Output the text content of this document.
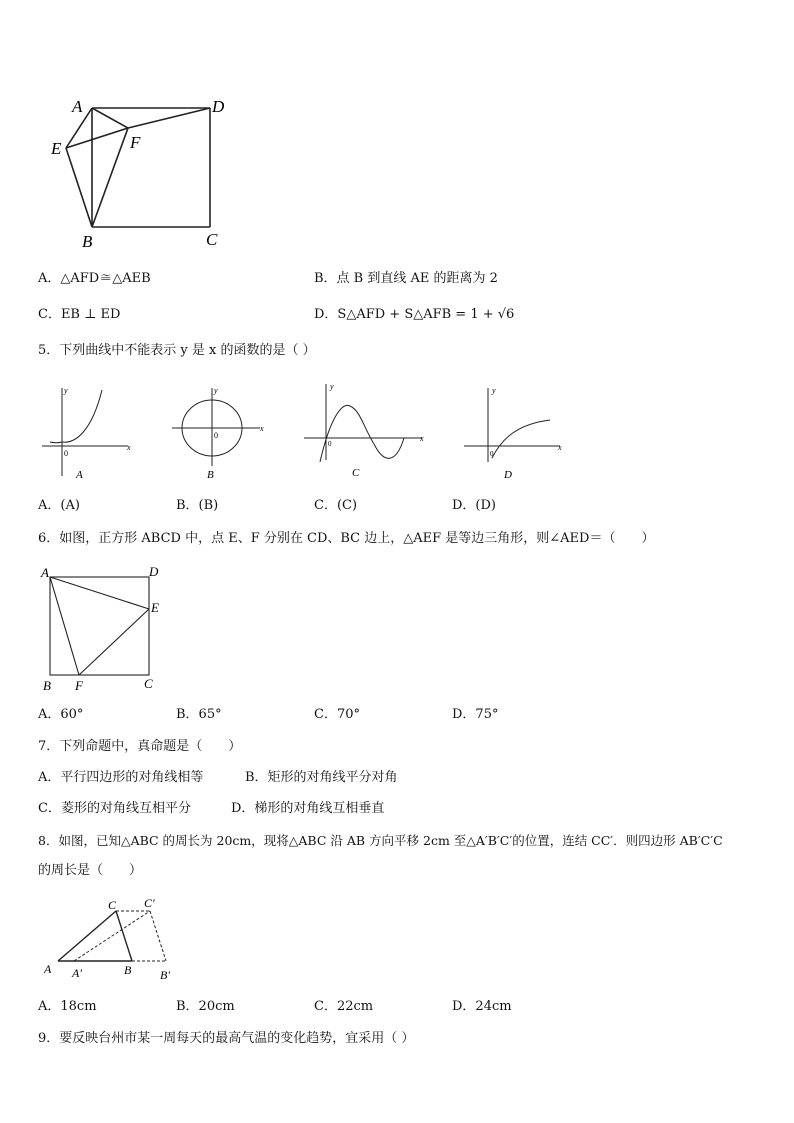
A	D
E	F
B	C
A．△AFD≅△AEB	B．点 B 到直线 AE 的距离为 2
C．EB ⊥ ED	D．S△AFD + S△AFB = 1 + √6
5．下列曲线中不能表示 y 是 x 的函数的是（ ）
x
y
0
A
x
y
0
B
x
y
0
C
x
y
0
D
A．(A)	B．(B)	C．(C)	D．(D)
6．如图，正方形 ABCD 中，点 E、F 分别在 CD、BC 边上，△AEF 是等边三角形，则∠AED＝（　　）
A	D
E
B F	C
A．60°	B．65°	C．70°	D．75°
7．下列命题中，真命题是（　　）
A．平行四边形的对角线相等	B．矩形的对角线平分对角
C．菱形的对角线互相平分	D．梯形的对角线互相垂直
8．如图，已知△ABC 的周长为 20cm，现将△ABC 沿 AB 方向平移 2cm 至△A′B′C′的位置，连结 CC′．则四边形 AB′C′C
的周长是（　　）
C C′
A A′	B B′
A．18cm	B．20cm	C．22cm	D．24cm
9．要反映台州市某一周每天的最高气温的变化趋势，宜采用（ ）
